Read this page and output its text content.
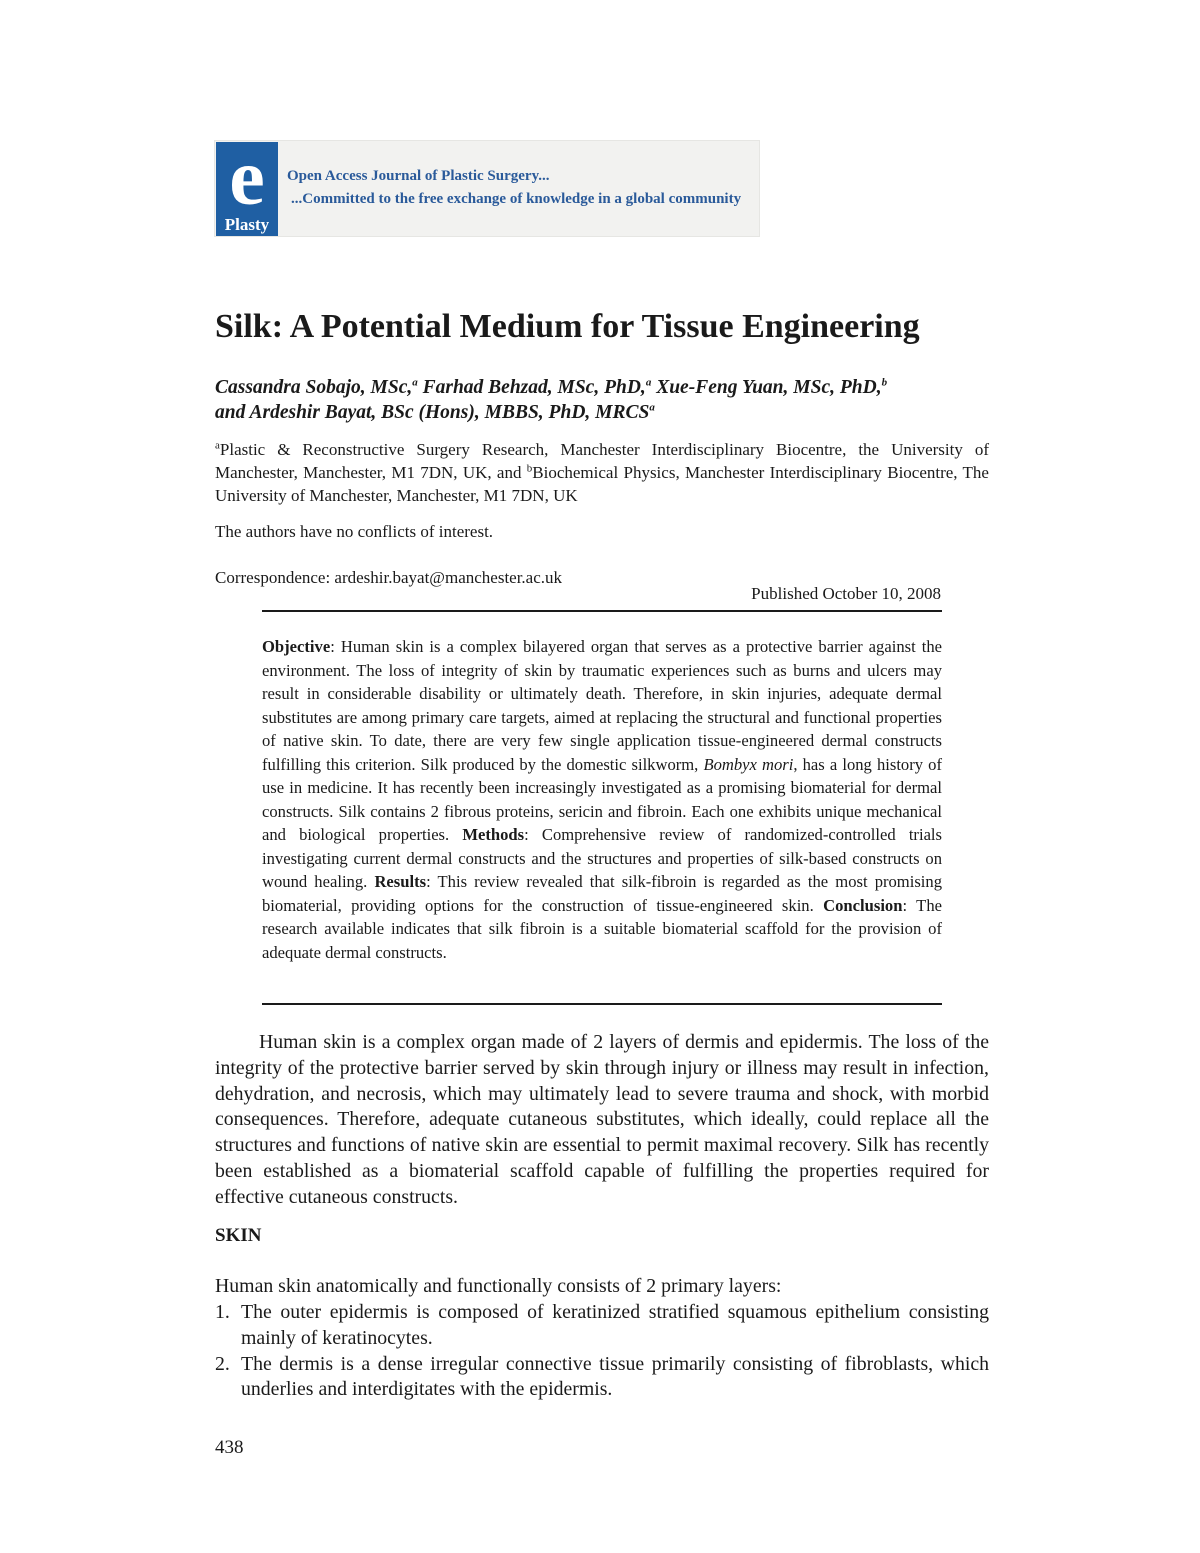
e
Plasty
Open Access Journal of Plastic Surgery...
...Committed to the free exchange of knowledge in a global community
Silk: A Potential Medium for Tissue Engineering

Cassandra Sobajo, MSc,$^a$ Farhad Behzad, MSc, PhD,$^a$ Xue-Feng Yuan, MSc, PhD,$^b$
and Ardeshir Bayat, BSc (Hons), MBBS, PhD, MRCS$^a$

$^a$Plastic & Reconstructive Surgery Research, Manchester Interdisciplinary Biocentre, the University of Manchester, Manchester, M1 7DN, UK, and $^b$Biochemical Physics, Manchester Interdisciplinary Biocentre, The University of Manchester, Manchester, M1 7DN, UK

The authors have no conflicts of interest.

Correspondence: ardeshir.bayat@manchester.ac.uk

Published October 10, 2008

Objective: Human skin is a complex bilayered organ that serves as a protective barrier against the environment. The loss of integrity of skin by traumatic experiences such as burns and ulcers may result in considerable disability or ultimately death. Therefore, in skin injuries, adequate dermal substitutes are among primary care targets, aimed at replacing the structural and functional properties of native skin. To date, there are very few single application tissue-engineered dermal constructs fulfilling this criterion. Silk produced by the domestic silkworm, Bombyx mori, has a long history of use in medicine. It has recently been increasingly investigated as a promising biomaterial for dermal constructs. Silk contains 2 fibrous proteins, sericin and fibroin. Each one exhibits unique mechanical and biological properties. Methods: Comprehensive review of randomized-controlled trials investigating current dermal constructs and the structures and properties of silk-based constructs on wound healing. Results: This review revealed that silk-fibroin is regarded as the most promising biomaterial, providing options for the construction of tissue-engineered skin. Conclusion: The research available indicates that silk fibroin is a suitable biomaterial scaffold for the provision of adequate dermal constructs.

Human skin is a complex organ made of 2 layers of dermis and epidermis. The loss of the integrity of the protective barrier served by skin through injury or illness may result in infection, dehydration, and necrosis, which may ultimately lead to severe trauma and shock, with morbid consequences. Therefore, adequate cutaneous substitutes, which ideally, could replace all the structures and functions of native skin are essential to permit maximal recovery. Silk has recently been established as a biomaterial scaffold capable of fulfilling the properties required for effective cutaneous constructs.

SKIN

Human skin anatomically and functionally consists of 2 primary layers:

1. The outer epidermis is composed of keratinized stratified squamous epithelium consisting mainly of keratinocytes.
2. The dermis is a dense irregular connective tissue primarily consisting of fibroblasts, which underlies and interdigitates with the epidermis.

438
